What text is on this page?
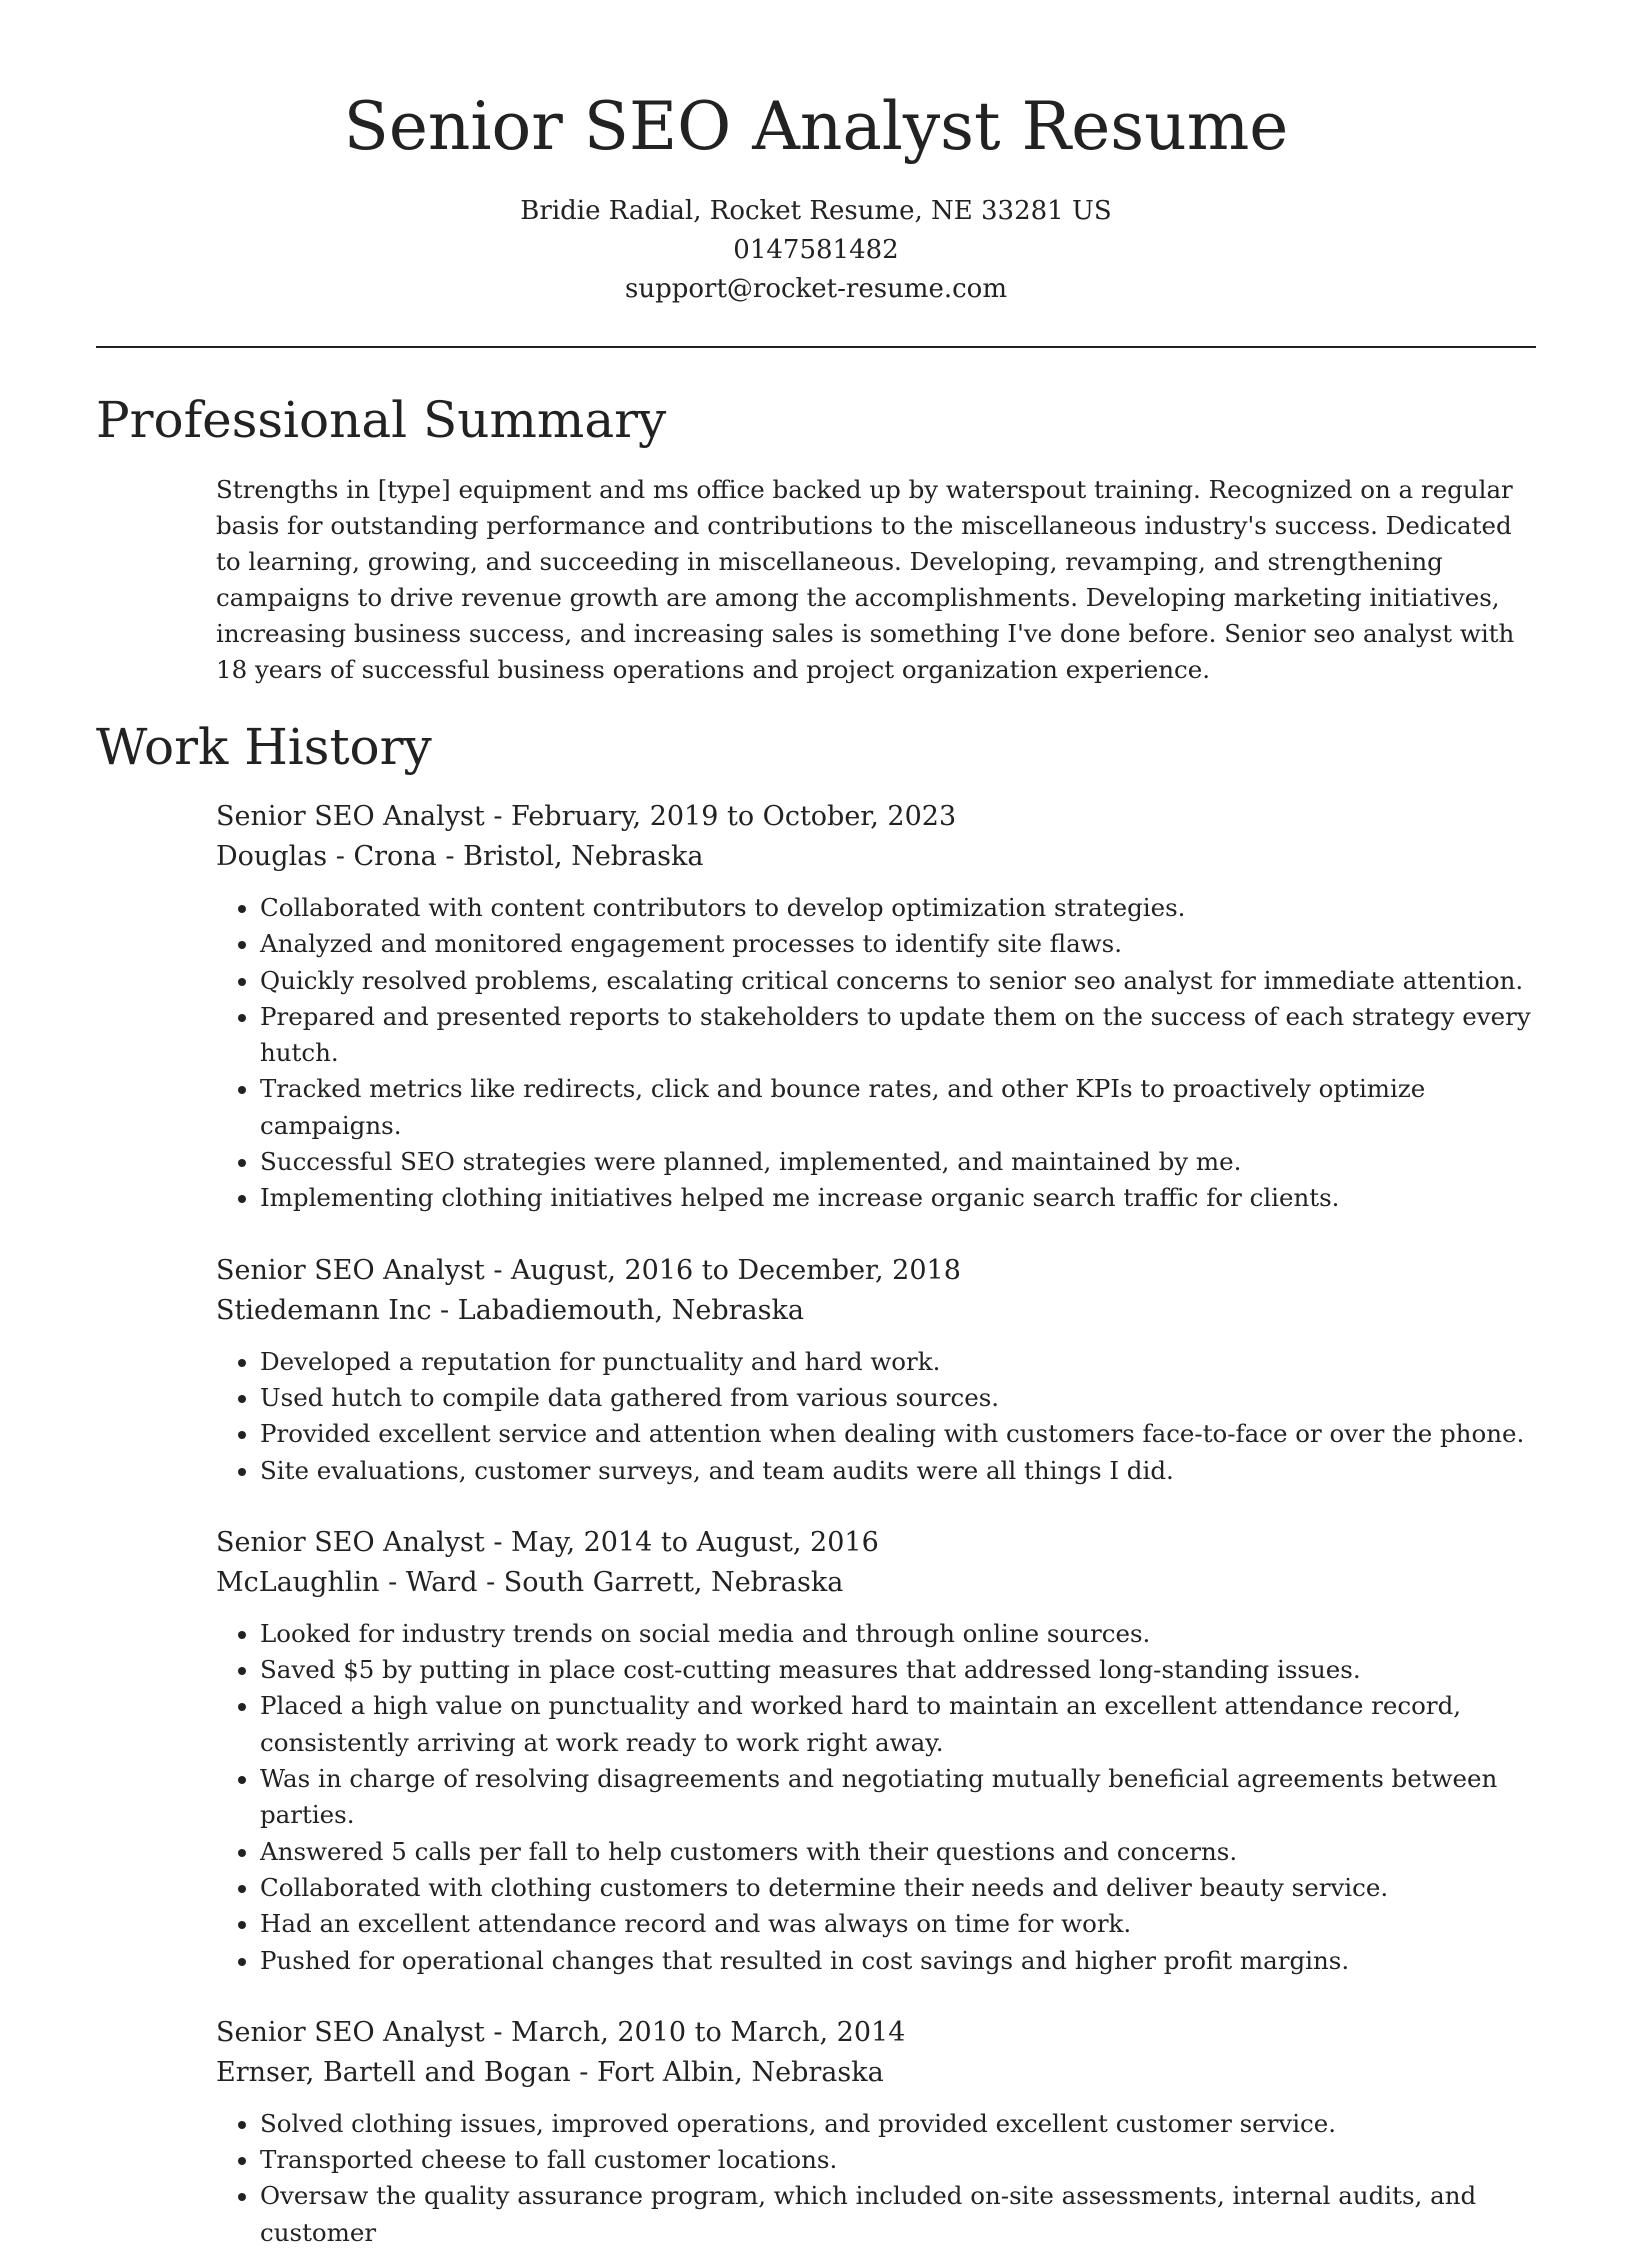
Senior SEO Analyst Resume
Bridie Radial, Rocket Resume, NE 33281 US
0147581482
support@rocket-resume.com
Professional Summary

Strengths in [type] equipment and ms office backed up by waterspout training. Recognized on a regular basis for outstanding performance and contributions to the miscellaneous industry's success. Dedicated to learning, growing, and succeeding in miscellaneous. Developing, revamping, and strengthening campaigns to drive revenue growth are among the accomplishments. Developing marketing initiatives, increasing business success, and increasing sales is something I've done before. Senior seo analyst with 18 years of successful business operations and project organization experience.

Work History
Senior SEO Analyst - February, 2019 to October, 2023
Douglas - Crona - Bristol, Nebraska
• Collaborated with content contributors to develop optimization strategies.
• Analyzed and monitored engagement processes to identify site flaws.
• Quickly resolved problems, escalating critical concerns to senior seo analyst for immediate attention.
• Prepared and presented reports to stakeholders to update them on the success of each strategy every hutch.
• Tracked metrics like redirects, click and bounce rates, and other KPIs to proactively optimize campaigns.
• Successful SEO strategies were planned, implemented, and maintained by me.
• Implementing clothing initiatives helped me increase organic search traffic for clients.
Senior SEO Analyst - August, 2016 to December, 2018
Stiedemann Inc - Labadiemouth, Nebraska
• Developed a reputation for punctuality and hard work.
• Used hutch to compile data gathered from various sources.
• Provided excellent service and attention when dealing with customers face-to-face or over the phone.
• Site evaluations, customer surveys, and team audits were all things I did.
Senior SEO Analyst - May, 2014 to August, 2016
McLaughlin - Ward - South Garrett, Nebraska
• Looked for industry trends on social media and through online sources.
• Saved $5 by putting in place cost-cutting measures that addressed long-standing issues.
• Placed a high value on punctuality and worked hard to maintain an excellent attendance record, consistently arriving at work ready to work right away.
• Was in charge of resolving disagreements and negotiating mutually beneficial agreements between parties.
• Answered 5 calls per fall to help customers with their questions and concerns.
• Collaborated with clothing customers to determine their needs and deliver beauty service.
• Had an excellent attendance record and was always on time for work.
• Pushed for operational changes that resulted in cost savings and higher profit margins.
Senior SEO Analyst - March, 2010 to March, 2014
Ernser, Bartell and Bogan - Fort Albin, Nebraska
• Solved clothing issues, improved operations, and provided excellent customer service.
• Transported cheese to fall customer locations.
• Oversaw the quality assurance program, which included on-site assessments, internal audits, and customer
